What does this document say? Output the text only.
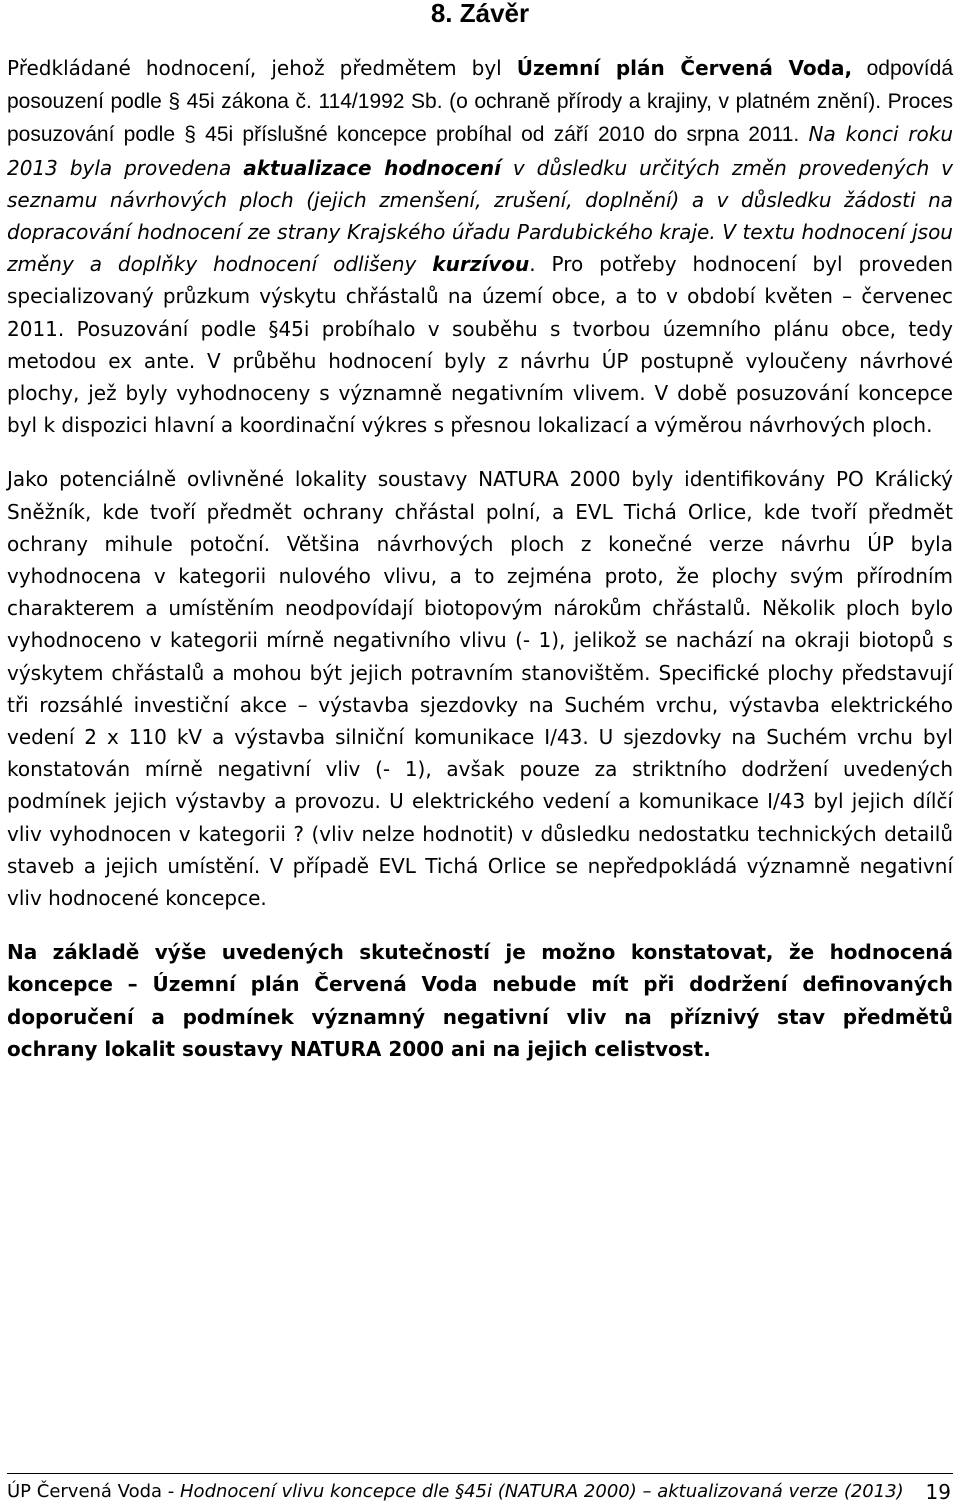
8. Závěr

Předkládané hodnocení, jehož předmětem byl Územní plán Červená Voda, odpovídá posouzení podle § 45i zákona č. 114/1992 Sb. (o ochraně přírody a krajiny, v platném znění). Proces posuzování podle § 45i příslušné koncepce probíhal od září 2010 do srpna 2011. Na konci roku 2013 byla provedena aktualizace hodnocení v důsledku určitých změn provedených v seznamu návrhových ploch (jejich zmenšení, zrušení, doplnění) a v důsledku žádosti na dopracování hodnocení ze strany Krajského úřadu Pardubického kraje. V textu hodnocení jsou změny a doplňky hodnocení odlišeny kurzívou. Pro potřeby hodnocení byl proveden specializovaný průzkum výskytu chřástalů na území obce, a to v období květen – červenec 2011. Posuzování podle §45i probíhalo v souběhu s tvorbou územního plánu obce, tedy metodou ex ante. V průběhu hodnocení byly z návrhu ÚP postupně vyloučeny návrhové plochy, jež byly vyhodnoceny s významně negativním vlivem. V době posuzování koncepce byl k dispozici hlavní a koordinační výkres s přesnou lokalizací a výměrou návrhových ploch.

Jako potenciálně ovlivněné lokality soustavy NATURA 2000 byly identifikovány PO Králický Sněžník, kde tvoří předmět ochrany chřástal polní, a EVL Tichá Orlice, kde tvoří předmět ochrany mihule potoční. Většina návrhových ploch z konečné verze návrhu ÚP byla vyhodnocena v kategorii nulového vlivu, a to zejména proto, že plochy svým přírodním charakterem a umístěním neodpovídají biotopovým nárokům chřástalů. Několik ploch bylo vyhodnoceno v kategorii mírně negativního vlivu (- 1), jelikož se nachází na okraji biotopů s výskytem chřástalů a mohou být jejich potravním stanovištěm. Specifické plochy představují tři rozsáhlé investiční akce – výstavba sjezdovky na Suchém vrchu, výstavba elektrického vedení 2 x 110 kV a výstavba silniční komunikace I/43. U sjezdovky na Suchém vrchu byl konstatován mírně negativní vliv (- 1), avšak pouze za striktního dodržení uvedených podmínek jejich výstavby a provozu. U elektrického vedení a komunikace I/43 byl jejich dílčí vliv vyhodnocen v kategorii ? (vliv nelze hodnotit) v důsledku nedostatku technických detailů staveb a jejich umístění. V případě EVL Tichá Orlice se nepředpokládá významně negativní vliv hodnocené koncepce.

Na základě výše uvedených skutečností je možno konstatovat, že hodnocená koncepce – Územní plán Červená Voda nebude mít při dodržení definovaných doporučení a podmínek významný negativní vliv na příznivý stav předmětů ochrany lokalit soustavy NATURA 2000 ani na jejich celistvost.

ÚP Červená Voda - Hodnocení vlivu koncepce dle §45i (NATURA 2000) – aktualizovaná verze (2013) 19
